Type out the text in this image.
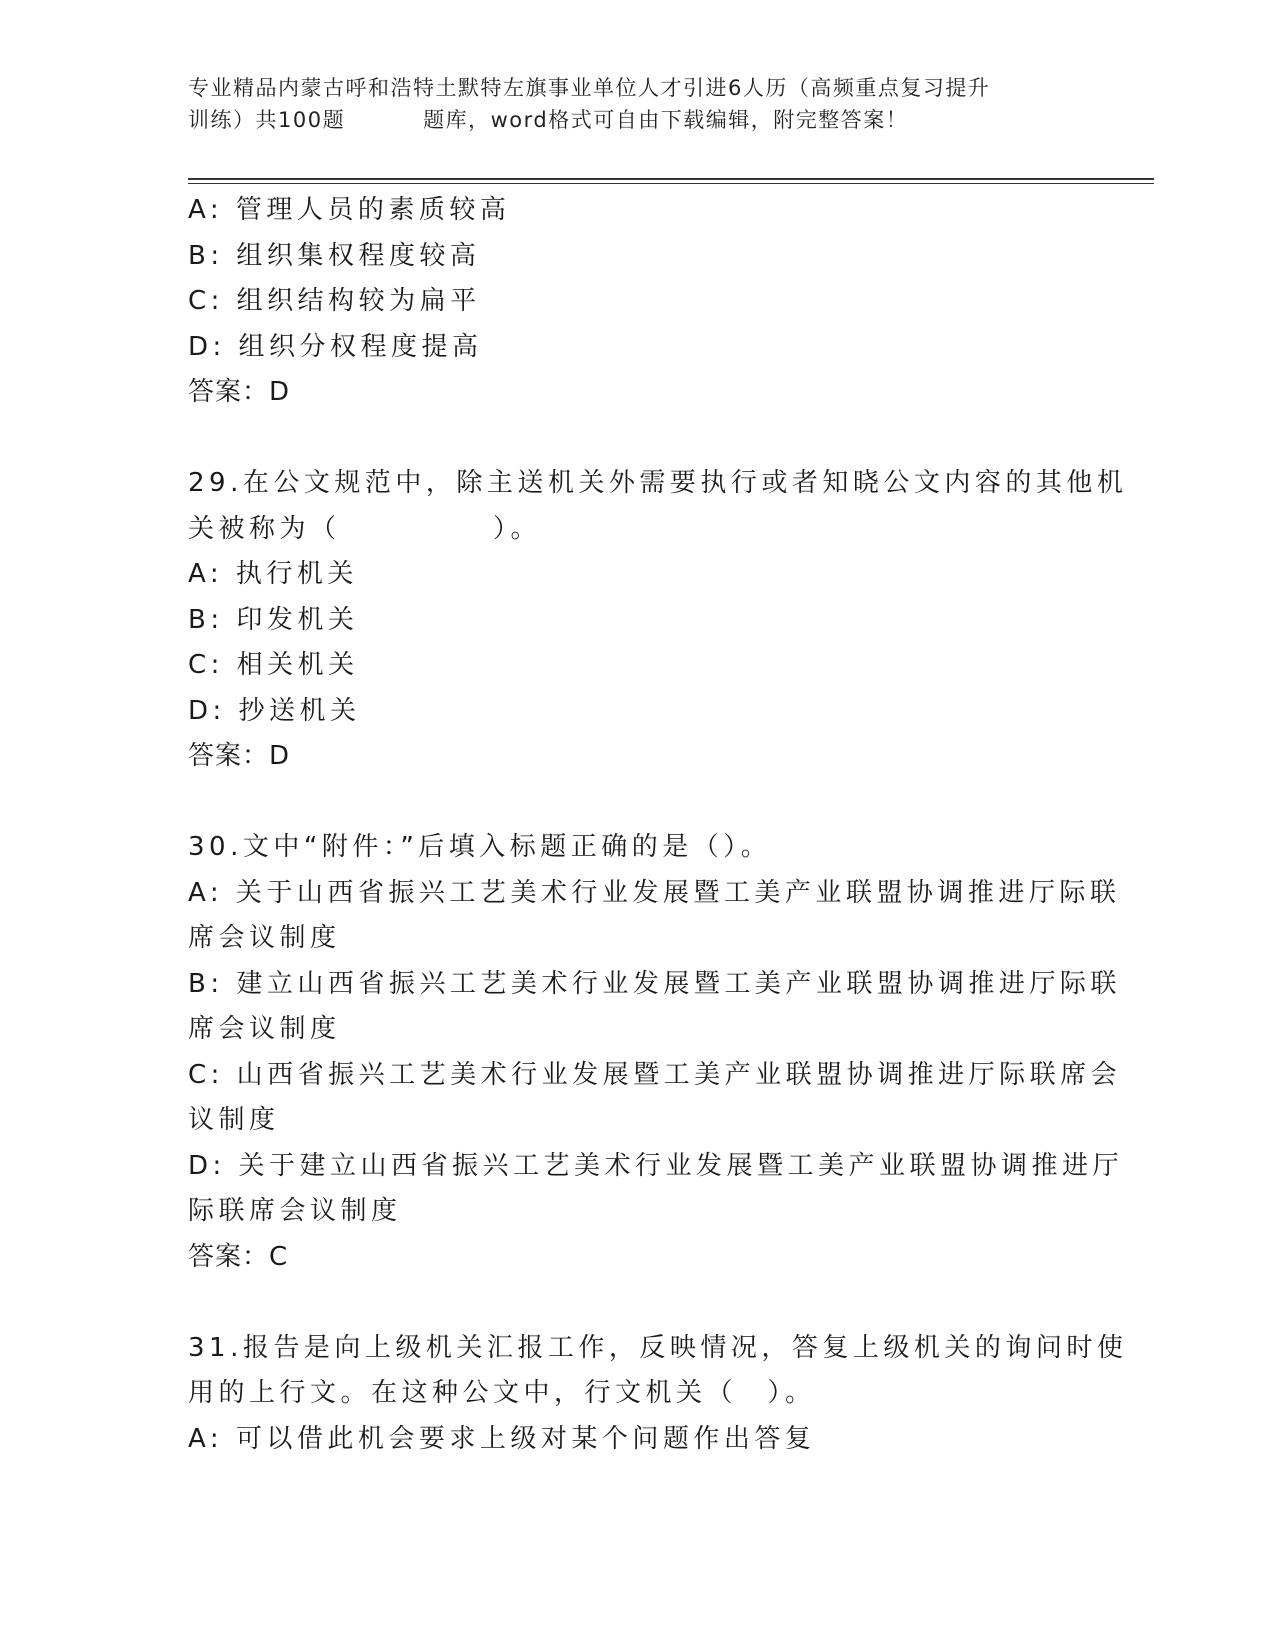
专业精品内蒙古呼和浩特土默特左旗事业单位人才引进6人历（高频重点复习提升
训练）共100题	题库，word格式可自由下载编辑，附完整答案！
A: 管理人员的素质较高
B: 组织集权程度较高
C: 组织结构较为扁平
D: 组织分权程度提高
答案：D
29.在公文规范中，除主送机关外需要执行或者知晓公文内容的其他机
关被称为（　　　　　）。
A: 执行机关
B: 印发机关
C: 相关机关
D: 抄送机关
答案：D
30.文中“附件：”后填入标题正确的是（）。
A: 关于山西省振兴工艺美术行业发展暨工美产业联盟协调推进厅际联
席会议制度
B: 建立山西省振兴工艺美术行业发展暨工美产业联盟协调推进厅际联
席会议制度
C: 山西省振兴工艺美术行业发展暨工美产业联盟协调推进厅际联席会
议制度
D: 关于建立山西省振兴工艺美术行业发展暨工美产业联盟协调推进厅
际联席会议制度
答案：C
31.报告是向上级机关汇报工作，反映情况，答复上级机关的询问时使
用的上行文。在这种公文中，行文机关（　）。
A: 可以借此机会要求上级对某个问题作出答复
